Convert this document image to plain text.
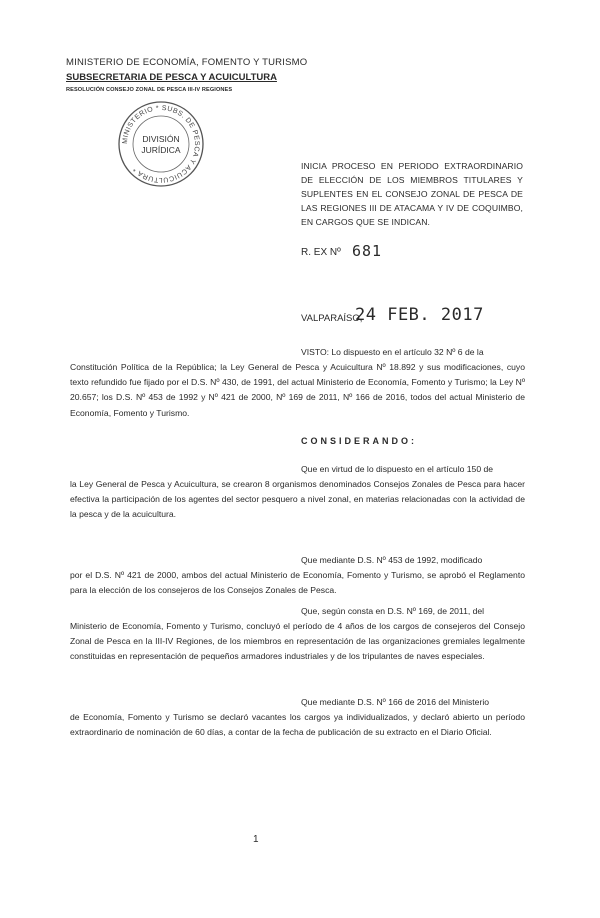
MINISTERIO DE ECONOMÍA, FOMENTO Y TURISMO
SUBSECRETARIA DE PESCA Y ACUICULTURA
RESOLUCIÓN CONSEJO ZONAL DE PESCA III-IV REGIONES
MINISTERIO * SUBS. DE PESCA Y ACUICULTURA *
DIVISIÓN
JURÍDICA
INICIA PROCESO EN PERIODO EXTRAORDINARIO DE ELECCIÓN DE LOS MIEMBROS TITULARES Y SUPLENTES EN EL CONSEJO ZONAL DE PESCA DE LAS REGIONES III DE ATACAMA Y IV DE COQUIMBO, EN CARGOS QUE SE INDICAN.
R. EX Nº 681
VALPARAÍSO,
24 FEB. 2017

VISTO: Lo dispuesto en el artículo 32 Nº 6 de la

Constitución Política de la República; la Ley General de Pesca y Acuicultura Nº 18.892 y sus modificaciones, cuyo texto refundido fue fijado por el D.S. Nº 430, de 1991, del actual Ministerio de Economía, Fomento y Turismo; la Ley Nº 20.657; los D.S. Nº 453 de 1992 y Nº 421 de 2000, Nº 169 de 2011, Nº 166 de 2016, todos del actual Ministerio de Economía, Fomento y Turismo.

CONSIDERANDO:

Que en virtud de lo dispuesto en el artículo 150 de

la Ley General de Pesca y Acuicultura, se crearon 8 organismos denominados Consejos Zonales de Pesca para hacer efectiva la participación de los agentes del sector pesquero a nivel zonal, en materias relacionadas con la actividad de la pesca y de la acuicultura.

Que mediante D.S. Nº 453 de 1992, modificado

por el D.S. Nº 421 de 2000, ambos del actual Ministerio de Economía, Fomento y Turismo, se aprobó el Reglamento para la elección de los consejeros de los Consejos Zonales de Pesca.

Que, según consta en D.S. Nº 169, de 2011, del

Ministerio de Economía, Fomento y Turismo, concluyó el período de 4 años de los cargos de consejeros del Consejo Zonal de Pesca en la III-IV Regiones, de los miembros en representación de las organizaciones gremiales legalmente constituidas en representación de pequeños armadores industriales y de los tripulantes de naves especiales.

Que mediante D.S. Nº 166 de 2016 del Ministerio

de Economía, Fomento y Turismo se declaró vacantes los cargos ya individualizados, y declaró abierto un período extraordinario de nominación de 60 días, a contar de la fecha de publicación de su extracto en el Diario Oficial.

1
